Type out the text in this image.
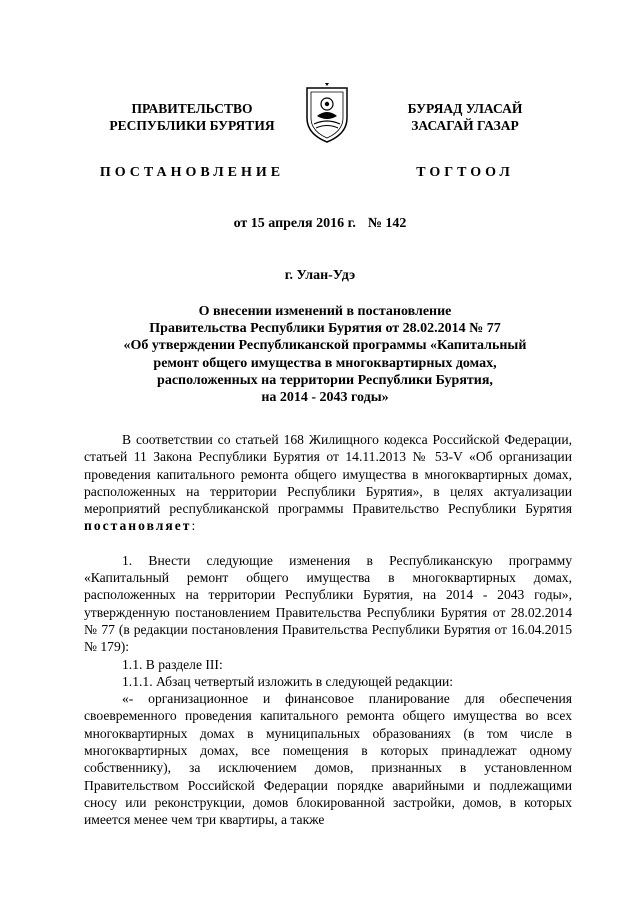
ПРАВИТЕЛЬСТВО
РЕСПУБЛИКИ БУРЯТИЯ
ПОСТАНОВЛЕНИЕ
БУРЯАД УЛАСАЙ
ЗАСАГАЙ ГАЗАР
ТОГТООЛ
от 15 апреля 2016 г. № 142
г. Улан-Удэ
О внесении изменений в постановление
Правительства Республики Бурятия от 28.02.2014 № 77
«Об утверждении Республиканской программы «Капитальный
ремонт общего имущества в многоквартирных домах,
расположенных на территории Республики Бурятия,
на 2014 - 2043 годы»

В соответствии со статьей 168 Жилищного кодекса Российской Федерации, статьей 11 Закона Республики Бурятия от 14.11.2013 № 53-V «Об организации проведения капитального ремонта общего имущества в многоквартирных домах, расположенных на территории Республики Бурятия», в целях актуализации мероприятий республиканской программы Правительство Республики Бурятия постановляет:

1. Внести следующие изменения в Республиканскую программу «Капитальный ремонт общего имущества в многоквартирных домах, расположенных на территории Республики Бурятия, на 2014 - 2043 годы», утвержденную постановлением Правительства Республики Бурятия от 28.02.2014 № 77 (в редакции постановления Правительства Республики Бурятия от 16.04.2015 № 179):

1.1. В разделе III:

1.1.1. Абзац четвертый изложить в следующей редакции:

«- организационное и финансовое планирование для обеспечения своевременного проведения капитального ремонта общего имущества во всех многоквартирных домах в муниципальных образованиях (в том числе в многоквартирных домах, все помещения в которых принадлежат одному собственнику), за исключением домов, признанных в установленном Правительством Российской Федерации порядке аварийными и подлежащими сносу или реконструкции, домов блокированной застройки, домов, в которых имеется менее чем три квартиры, а также
